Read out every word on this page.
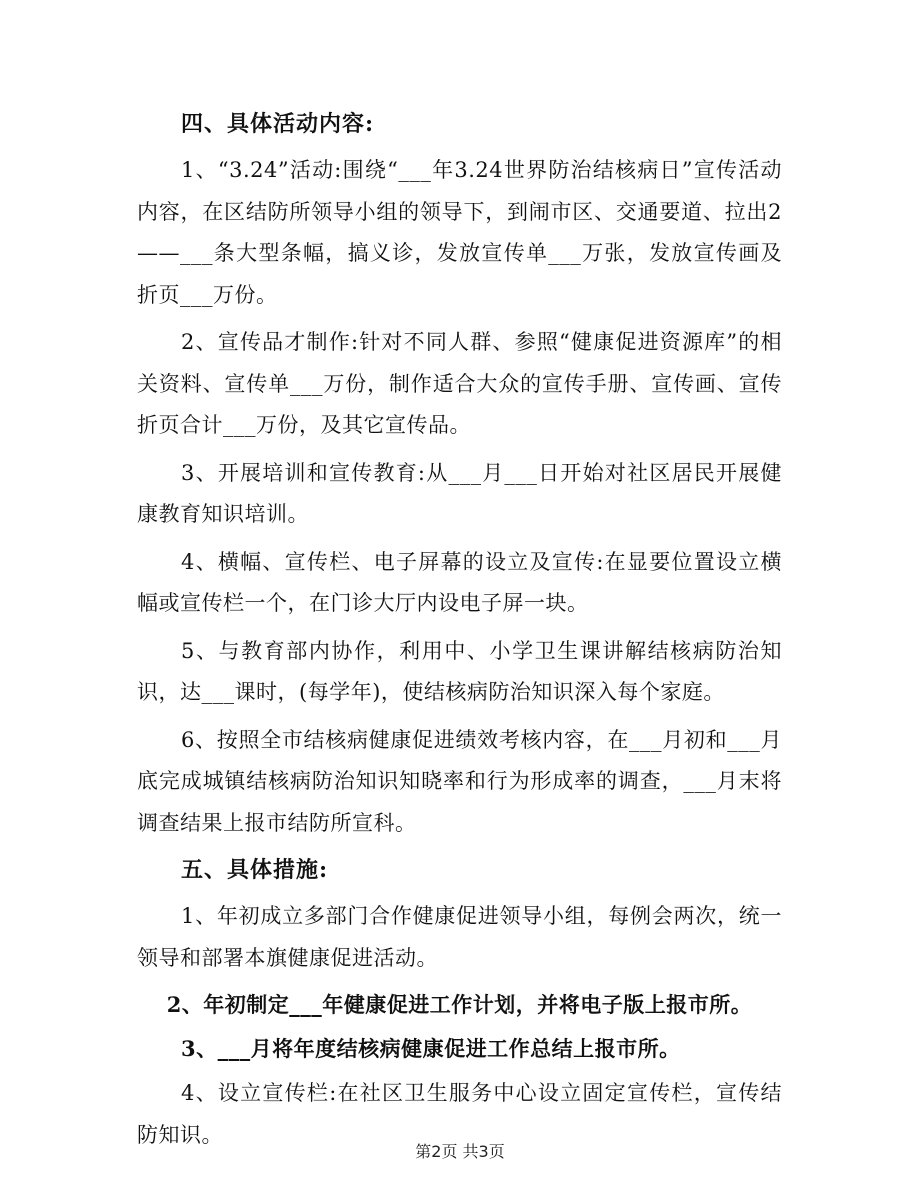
四、具体活动内容:

1、“3.24”活动:围绕“___年3.24世界防治结核病日”宣传活动内容，在区结防所领导小组的领导下，到闹市区、交通要道、拉出2——___条大型条幅，搞义诊，发放宣传单___万张，发放宣传画及折页___万份。

2、宣传品才制作:针对不同人群、参照“健康促进资源库”的相关资料、宣传单___万份，制作适合大众的宣传手册、宣传画、宣传折页合计___万份，及其它宣传品。

3、开展培训和宣传教育:从___月___日开始对社区居民开展健康教育知识培训。

4、横幅、宣传栏、电子屏幕的设立及宣传:在显要位置设立横幅或宣传栏一个，在门诊大厅内设电子屏一块。

5、与教育部内协作，利用中、小学卫生课讲解结核病防治知识，达___课时，(每学年)，使结核病防治知识深入每个家庭。

6、按照全市结核病健康促进绩效考核内容，在___月初和___月底完成城镇结核病防治知识知晓率和行为形成率的调查，___月末将调查结果上报市结防所宣科。

五、具体措施:

1、年初成立多部门合作健康促进领导小组，每例会两次，统一领导和部署本旗健康促进活动。

2、年初制定___年健康促进工作计划，并将电子版上报市所。

3、___月将年度结核病健康促进工作总结上报市所。

4、设立宣传栏:在社区卫生服务中心设立固定宣传栏，宣传结防知识。

第2页 共3页
